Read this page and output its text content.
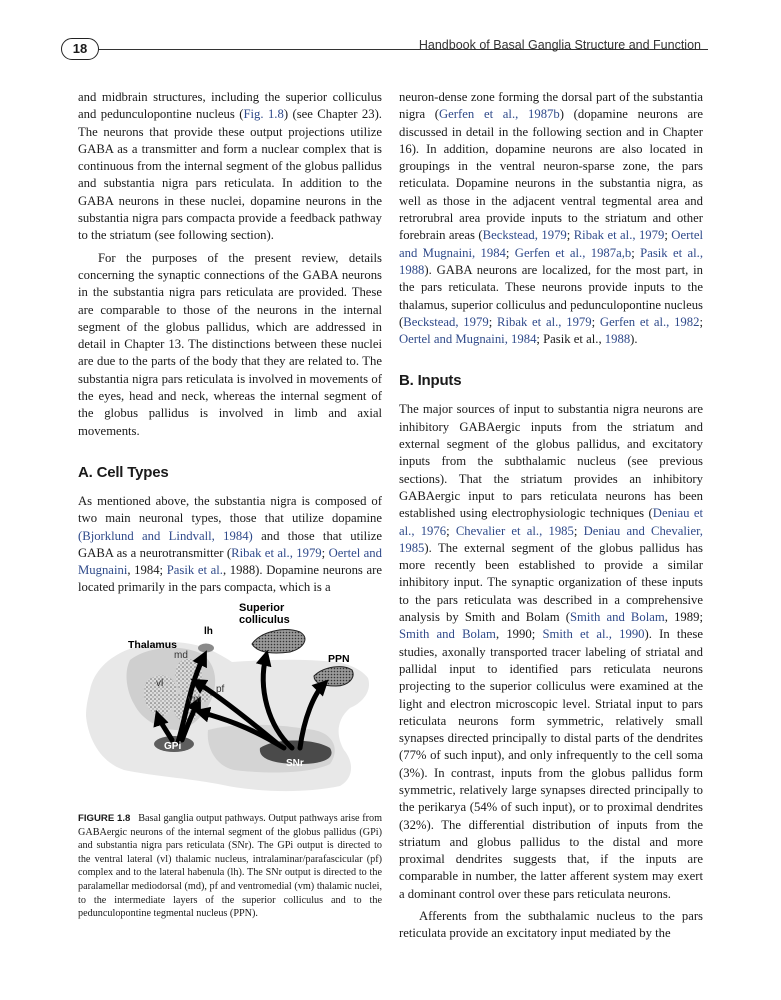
18	Handbook of Basal Ganglia Structure and Function

and midbrain structures, including the superior colliculus and pedunculopontine nucleus (Fig. 1.8) (see Chapter 23). The neurons that provide these output projections utilize GABA as a transmitter and form a nuclear complex that is continuous from the internal segment of the globus pallidus and substantia nigra pars reticulata. In addition to the GABA neurons in these nuclei, dopamine neurons in the substantia nigra pars compacta provide a feedback pathway to the striatum (see following section).

For the purposes of the present review, details concerning the synaptic connections of the GABA neurons in the substantia nigra pars reticulata are provided. These are comparable to those of the neurons in the internal segment of the globus pallidus, which are addressed in detail in Chapter 13. The distinctions between these nuclei are due to the parts of the body that they are related to. The substantia nigra pars reticulata is involved in movements of the eyes, head and neck, whereas the internal segment of the globus pallidus is involved in limb and axial movements.

A. Cell Types

As mentioned above, the substantia nigra is composed of two main neuronal types, those that utilize dopamine (Bjorklund and Lindvall, 1984) and those that utilize GABA as a neurotransmitter (Ribak et al., 1979; Oertel and Mugnaini, 1984; Pasik et al., 1988). Dopamine neurons are located primarily in the pars compacta, which is a

Superior
colliculus
lh
Thalamus
md	PPN
vl
pf
vm
GPi
SNr

FIGURE 1.8 Basal ganglia output pathways. Output pathways arise from GABAergic neurons of the internal segment of the globus pallidus (GPi) and substantia nigra pars reticulata (SNr). The GPi output is directed to the ventral lateral (vl) thalamic nucleus, intralaminar/parafascicular (pf) complex and to the lateral habenula (lh). The SNr output is directed to the paralamellar mediodorsal (md), pf and ventromedial (vm) thalamic nuclei, to the intermediate layers of the superior colliculus and to the pedunculopontine tegmental nucleus (PPN).

neuron-dense zone forming the dorsal part of the substantia nigra (Gerfen et al., 1987b) (dopamine neurons are discussed in detail in the following section and in Chapter 16). In addition, dopamine neurons are also located in groupings in the ventral neuron-sparse zone, the pars reticulata. Dopamine neurons in the substantia nigra, as well as those in the adjacent ventral tegmental area and retrorubral area provide inputs to the striatum and other forebrain areas (Beckstead, 1979; Ribak et al., 1979; Oertel and Mugnaini, 1984; Gerfen et al., 1987a,b; Pasik et al., 1988). GABA neurons are localized, for the most part, in the pars reticulata. These neurons provide inputs to the thalamus, superior colliculus and pedunculopontine nucleus (Beckstead, 1979; Ribak et al., 1979; Gerfen et al., 1982; Oertel and Mugnaini, 1984; Pasik et al., 1988).

B. Inputs

The major sources of input to substantia nigra neurons are inhibitory GABAergic inputs from the striatum and external segment of the globus pallidus, and excitatory inputs from the subthalamic nucleus (see previous sections). That the striatum provides an inhibitory GABAergic input to pars reticulata neurons has been established using electrophysiologic techniques (Deniau et al., 1976; Chevalier et al., 1985; Deniau and Chevalier, 1985). The external segment of the globus pallidus has more recently been established to provide a similar inhibitory input. The synaptic organization of these inputs to the pars reticulata was described in a comprehensive analysis by Smith and Bolam (Smith and Bolam, 1989; Smith and Bolam, 1990; Smith et al., 1990). In these studies, axonally transported tracer labeling of striatal and pallidal input to identified pars reticulata neurons projecting to the superior colliculus were examined at the light and electron microscopic level. Striatal input to pars reticulata neurons form symmetric, relatively small synapses directed principally to distal parts of the dendrites (77% of such input), and only infrequently to the cell soma (3%). In contrast, inputs from the globus pallidus form symmetric, relatively large synapses directed principally to the perikarya (54% of such input), or to proximal dendrites (32%). The differential distribution of inputs from the striatum and globus pallidus to the distal and more proximal dendrites suggests that, if the inputs are comparable in number, the latter afferent system may exert a dominant control over these pars reticulata neurons.

Afferents from the subthalamic nucleus to the pars reticulata provide an excitatory input mediated by the
